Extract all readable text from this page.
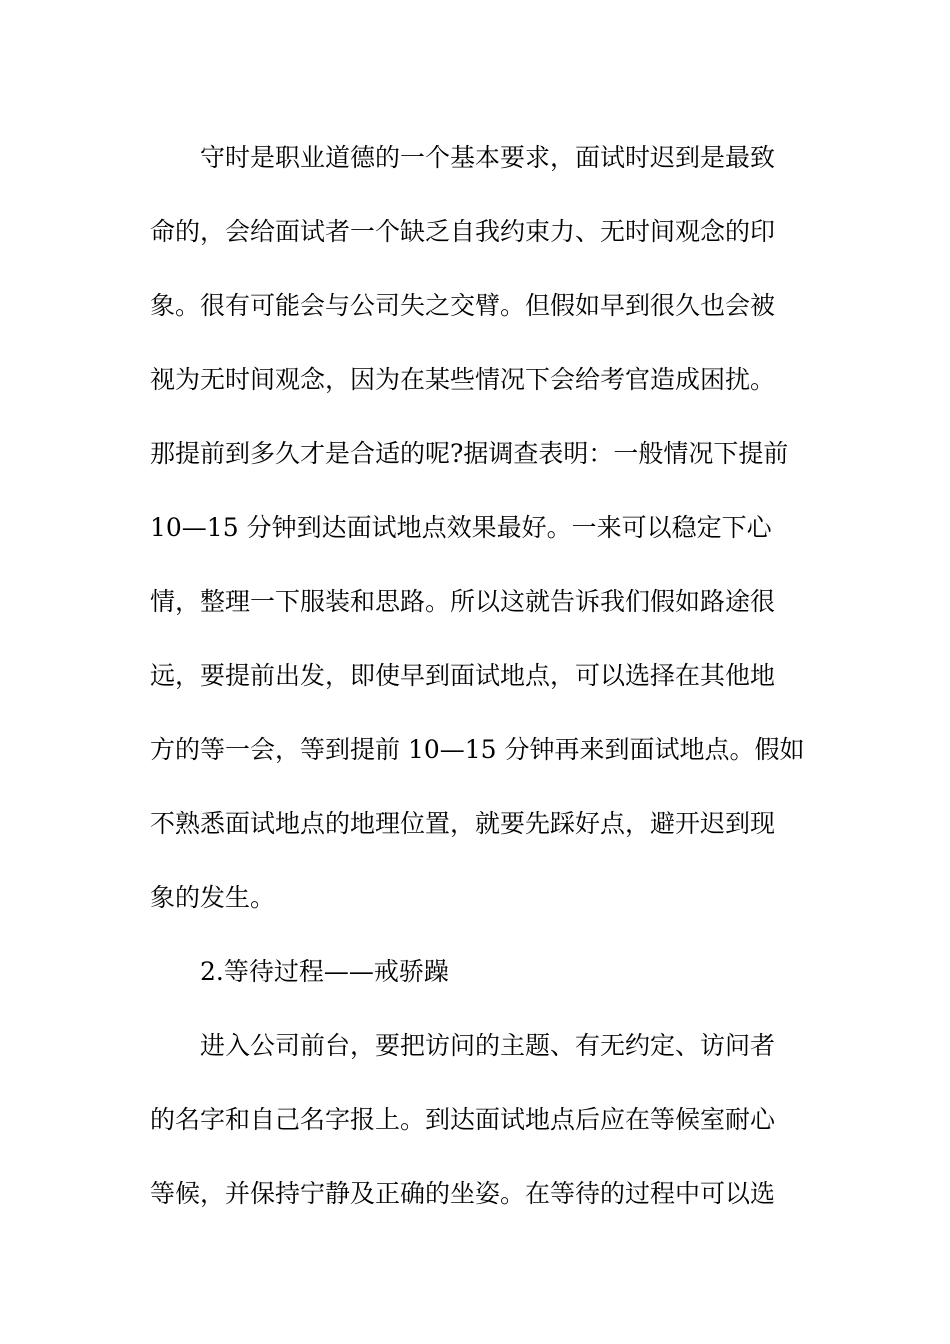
守时是职业道德的一个基本要求，面试时迟到是最致
命的，会给面试者一个缺乏自我约束力、无时间观念的印
象。很有可能会与公司失之交臂。但假如早到很久也会被
视为无时间观念，因为在某些情况下会给考官造成困扰。
那提前到多久才是合适的呢?据调查表明：一般情况下提前
10—15 分钟到达面试地点效果最好。一来可以稳定下心
情，整理一下服装和思路。所以这就告诉我们假如路途很
远，要提前出发，即使早到面试地点，可以选择在其他地
方的等一会，等到提前 10—15 分钟再来到面试地点。假如
不熟悉面试地点的地理位置，就要先踩好点，避开迟到现
象的发生。
2.等待过程——戒骄躁
进入公司前台，要把访问的主题、有无约定、访问者
的名字和自己名字报上。到达面试地点后应在等候室耐心
等候，并保持宁静及正确的坐姿。在等待的过程中可以选
